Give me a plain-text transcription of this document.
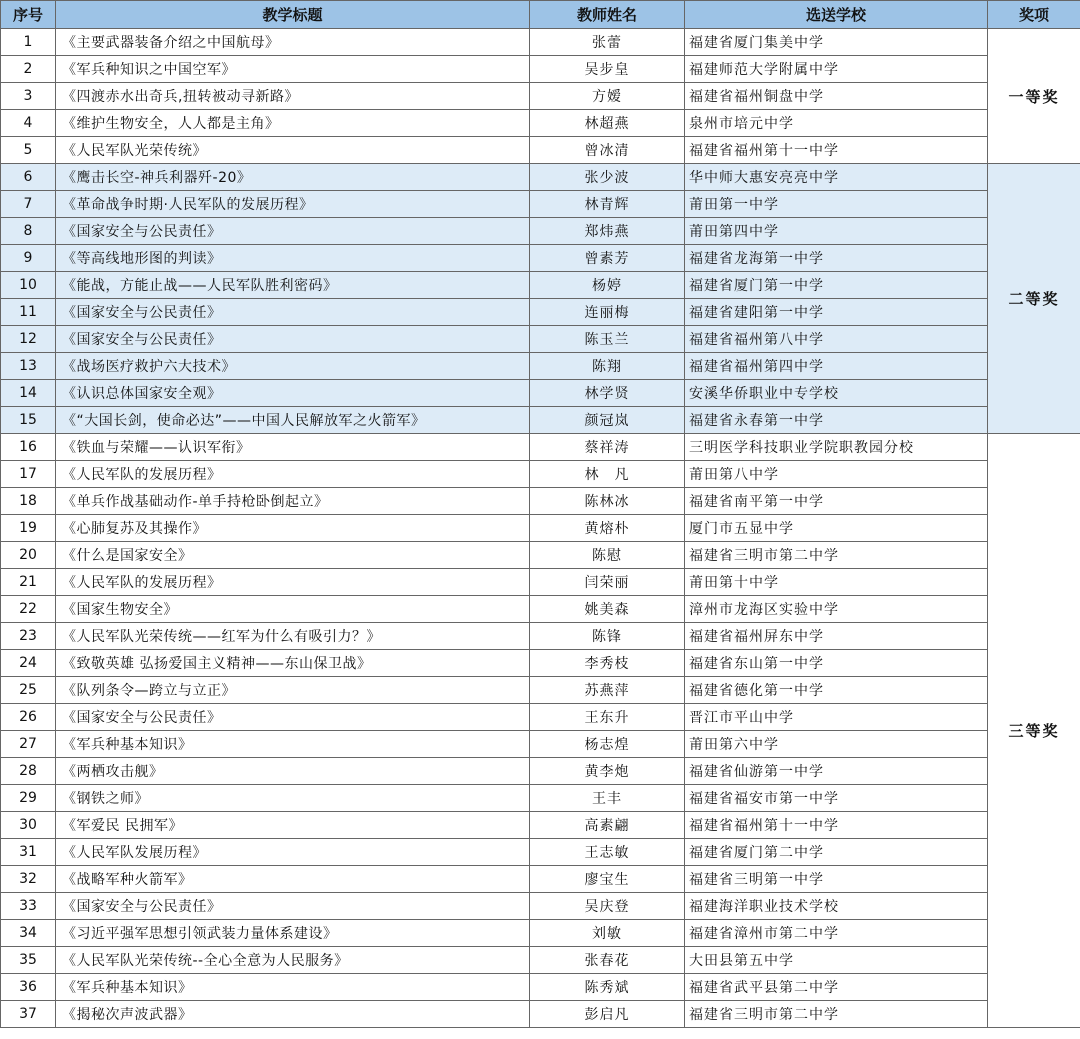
序号	教学标题	教师姓名	选送学校	奖项
1	《主要武器装备介绍之中国航母》	张蕾	福建省厦门集美中学	一等奖
2	《军兵种知识之中国空军》	吴步皇	福建师范大学附属中学	
3	《四渡赤水出奇兵,扭转被动寻新路》	方嫒	福建省福州铜盘中学	
4	《维护生物安全，人人都是主角》	林超燕	泉州市培元中学	
5	《人民军队光荣传统》	曾冰清	福建省福州第十一中学	
6	《鹰击长空-神兵利器歼-20》	张少波	华中师大惠安亮亮中学	二等奖
7	《革命战争时期·人民军队的发展历程》	林青辉	莆田第一中学	
8	《国家安全与公民责任》	郑炜燕	莆田第四中学	
9	《等高线地形图的判读》	曾素芳	福建省龙海第一中学	
10	《能战，方能止战——人民军队胜利密码》	杨婷	福建省厦门第一中学	
11	《国家安全与公民责任》	连丽梅	福建省建阳第一中学	
12	《国家安全与公民责任》	陈玉兰	福建省福州第八中学	
13	《战场医疗救护六大技术》	陈翔	福建省福州第四中学	
14	《认识总体国家安全观》	林学贤	安溪华侨职业中专学校	
15	《“大国长剑，使命必达”——中国人民解放军之火箭军》	颜冠岚	福建省永春第一中学	
16	《铁血与荣耀——认识军衔》	蔡祥涛	三明医学科技职业学院职教园分校	三等奖
17	《人民军队的发展历程》	林　凡	莆田第八中学	
18	《单兵作战基础动作-单手持枪卧倒起立》	陈林冰	福建省南平第一中学	
19	《心肺复苏及其操作》	黄熔朴	厦门市五显中学	
20	《什么是国家安全》	陈慰	福建省三明市第二中学	
21	《人民军队的发展历程》	闫荣丽	莆田第十中学	
22	《国家生物安全》	姚美森	漳州市龙海区实验中学	
23	《人民军队光荣传统——红军为什么有吸引力？》	陈锋	福建省福州屏东中学	
24	《致敬英雄 弘扬爱国主义精神——东山保卫战》	李秀枝	福建省东山第一中学	
25	《队列条令—跨立与立正》	苏燕萍	福建省德化第一中学	
26	《国家安全与公民责任》	王东升	晋江市平山中学	
27	《军兵种基本知识》	杨志煌	莆田第六中学	
28	《两栖攻击舰》	黄李炮	福建省仙游第一中学	
29	《钢铁之师》	王丰	福建省福安市第一中学	
30	《军爱民 民拥军》	高素翩	福建省福州第十一中学	
31	《人民军队发展历程》	王志敏	福建省厦门第二中学	
32	《战略军种火箭军》	廖宝生	福建省三明第一中学	
33	《国家安全与公民责任》	吴庆登	福建海洋职业技术学校	
34	《习近平强军思想引领武装力量体系建设》	刘敏	福建省漳州市第二中学	
35	《人民军队光荣传统--全心全意为人民服务》	张春花	大田县第五中学	
36	《军兵种基本知识》	陈秀斌	福建省武平县第二中学	
37	《揭秘次声波武器》	彭启凡	福建省三明市第二中学	
